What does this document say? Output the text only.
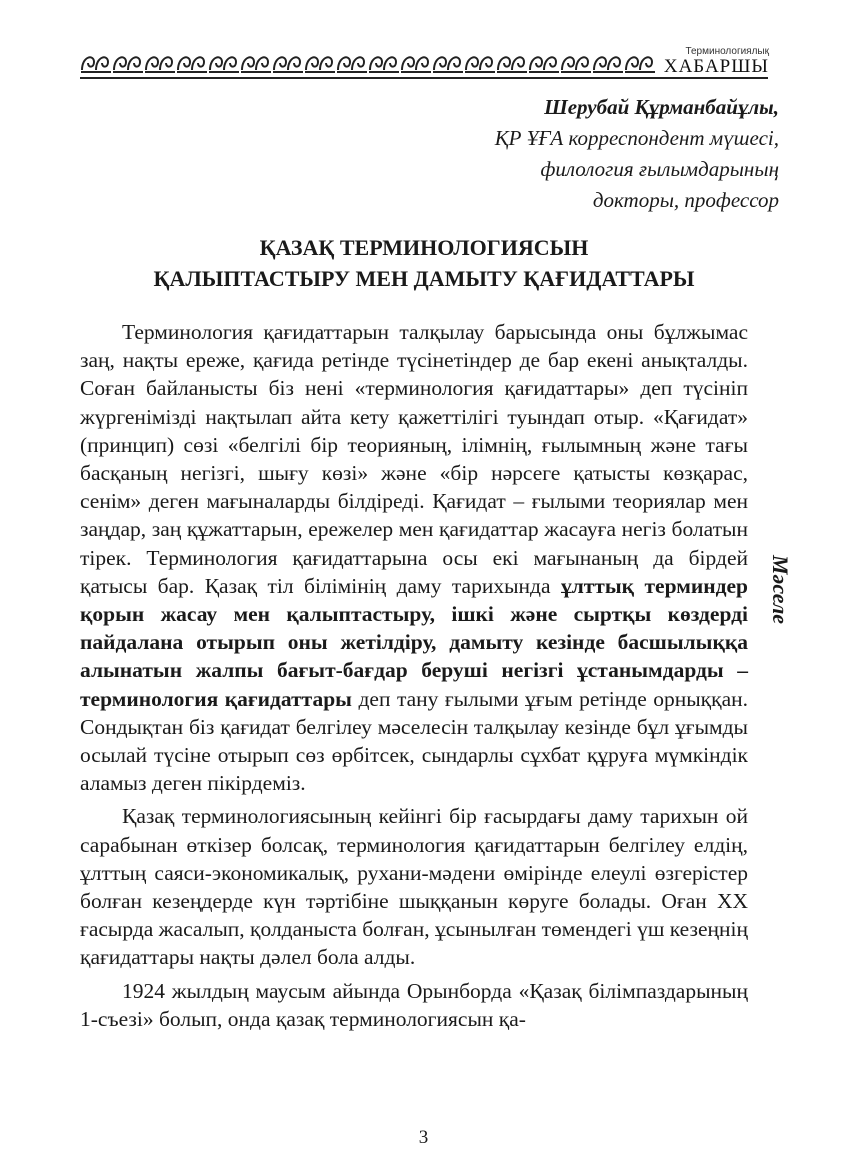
Терминологиялық
ХАБАРШЫ
Шерубай Құрманбайұлы,
ҚР ҰҒА корреспондент мүшесі,
филология ғылымдарының
докторы, профессор
ҚАЗАҚ ТЕРМИНОЛОГИЯСЫН
ҚАЛЫПТАСТЫРУ МЕН ДАМЫТУ ҚАҒИДАТТАРЫ

Терминология қағидаттарын талқылау барысында оны бұлжымас заң, нақты ереже, қағида ретінде түсінетіндер де бар екені анықталды. Соған байланысты біз нені «терминология қағидаттары» деп түсініп жүргенімізді нақтылап айта кету қажеттілігі туындап отыр. «Қағидат» (принцип) сөзі «белгілі бір теорияның, ілімнің, ғылымның және тағы басқаның негізгі, шығу көзі» және «бір нәрсеге қатысты көзқарас, сенім» деген мағыналарды білдіреді. Қағидат – ғылыми теориялар мен заңдар, заң құжаттарын, ережелер мен қағидаттар жасауға негіз болатын тірек. Терминология қағидаттарына осы екі мағынаның да бірдей қатысы бар. Қазақ тіл білімінің даму тарихында ұлттық терминдер қорын жасау мен қалыптастыру, ішкі және сыртқы көздерді пайдалана отырып оны жетілдіру, дамыту кезінде басшылыққа алынатын жалпы бағыт-бағдар беруші негізгі ұстанымдарды – терминология қағидаттары деп тану ғылыми ұғым ретінде орныққан. Сондықтан біз қағидат белгілеу мәселесін талқылау кезінде бұл ұғымды осылай түсіне отырып сөз өрбітсек, сындарлы сұхбат құруға мүмкіндік аламыз деген пікірдеміз.

Қазақ терминологиясының кейінгі бір ғасырдағы даму тарихын ой сарабынан өткізер болсақ, терминология қағидаттарын белгілеу елдің, ұлттың саяси-экономикалық, рухани-мәдени өмірінде елеулі өзгерістер болған кезеңдерде күн тәртібіне шыққанын көруге болады. Оған ХХ ғасырда жасалып, қолданыста болған, ұсынылған төмендегі үш кезеңнің қағидаттары нақты дәлел бола алды.

1924 жылдың маусым айында Орынборда «Қазақ білімпаздарының 1-съезі» болып, онда қазақ терминологиясын қа-

Мәселе
3
